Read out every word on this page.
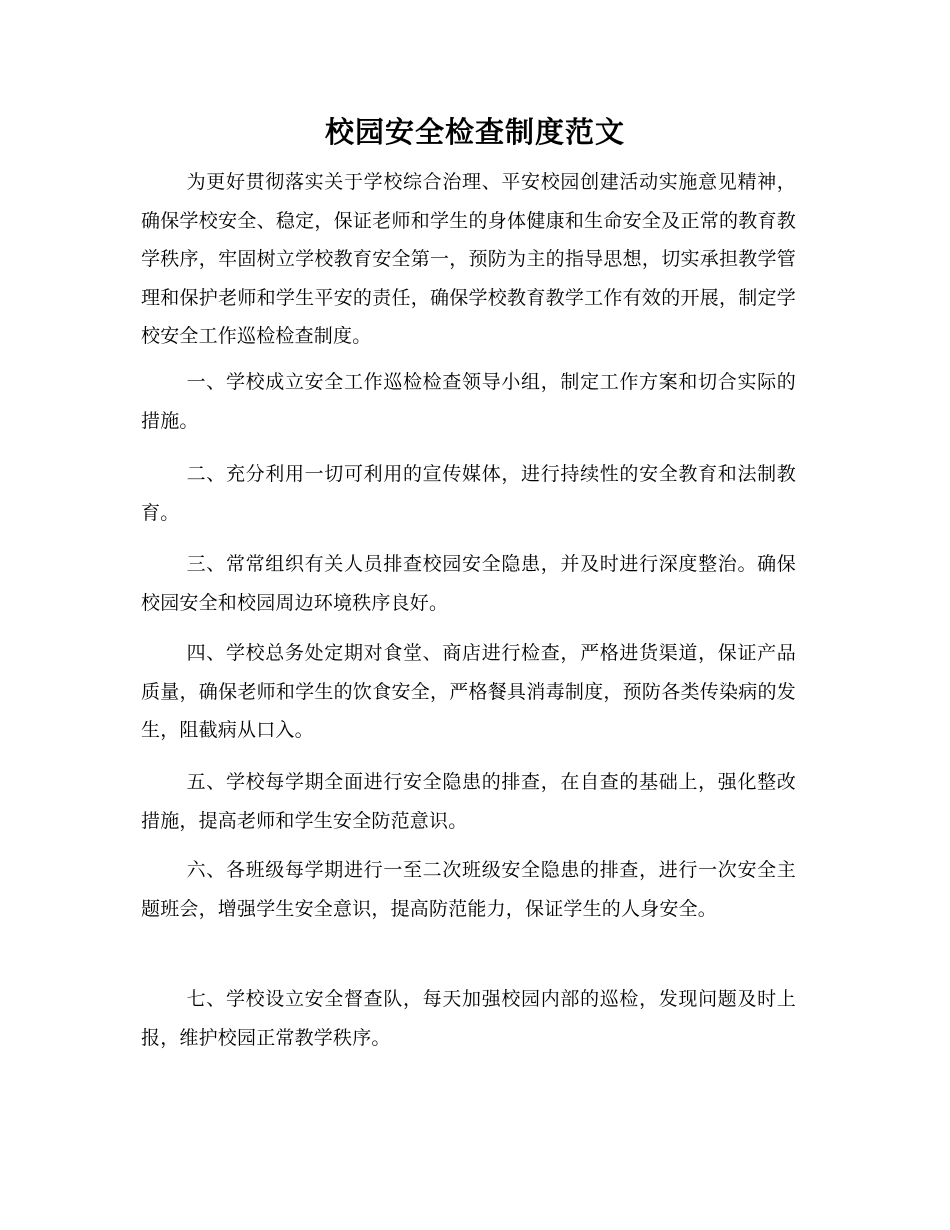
校园安全检查制度范文

为更好贯彻落实关于学校综合治理、平安校园创建活动实施意见精神，确保学校安全、稳定，保证老师和学生的身体健康和生命安全及正常的教育教学秩序，牢固树立学校教育安全第一，预防为主的指导思想，切实承担教学管理和保护老师和学生平安的责任，确保学校教育教学工作有效的开展，制定学校安全工作巡检检查制度。

一、学校成立安全工作巡检检查领导小组，制定工作方案和切合实际的措施。

二、充分利用一切可利用的宣传媒体，进行持续性的安全教育和法制教育。

三、常常组织有关人员排查校园安全隐患，并及时进行深度整治。确保校园安全和校园周边环境秩序良好。

四、学校总务处定期对食堂、商店进行检查，严格进货渠道，保证产品质量，确保老师和学生的饮食安全，严格餐具消毒制度，预防各类传染病的发生，阻截病从口入。

五、学校每学期全面进行安全隐患的排查，在自查的基础上，强化整改措施，提高老师和学生安全防范意识。

六、各班级每学期进行一至二次班级安全隐患的排查，进行一次安全主题班会，增强学生安全意识，提高防范能力，保证学生的人身安全。

七、学校设立安全督查队，每天加强校园内部的巡检，发现问题及时上报，维护校园正常教学秩序。
